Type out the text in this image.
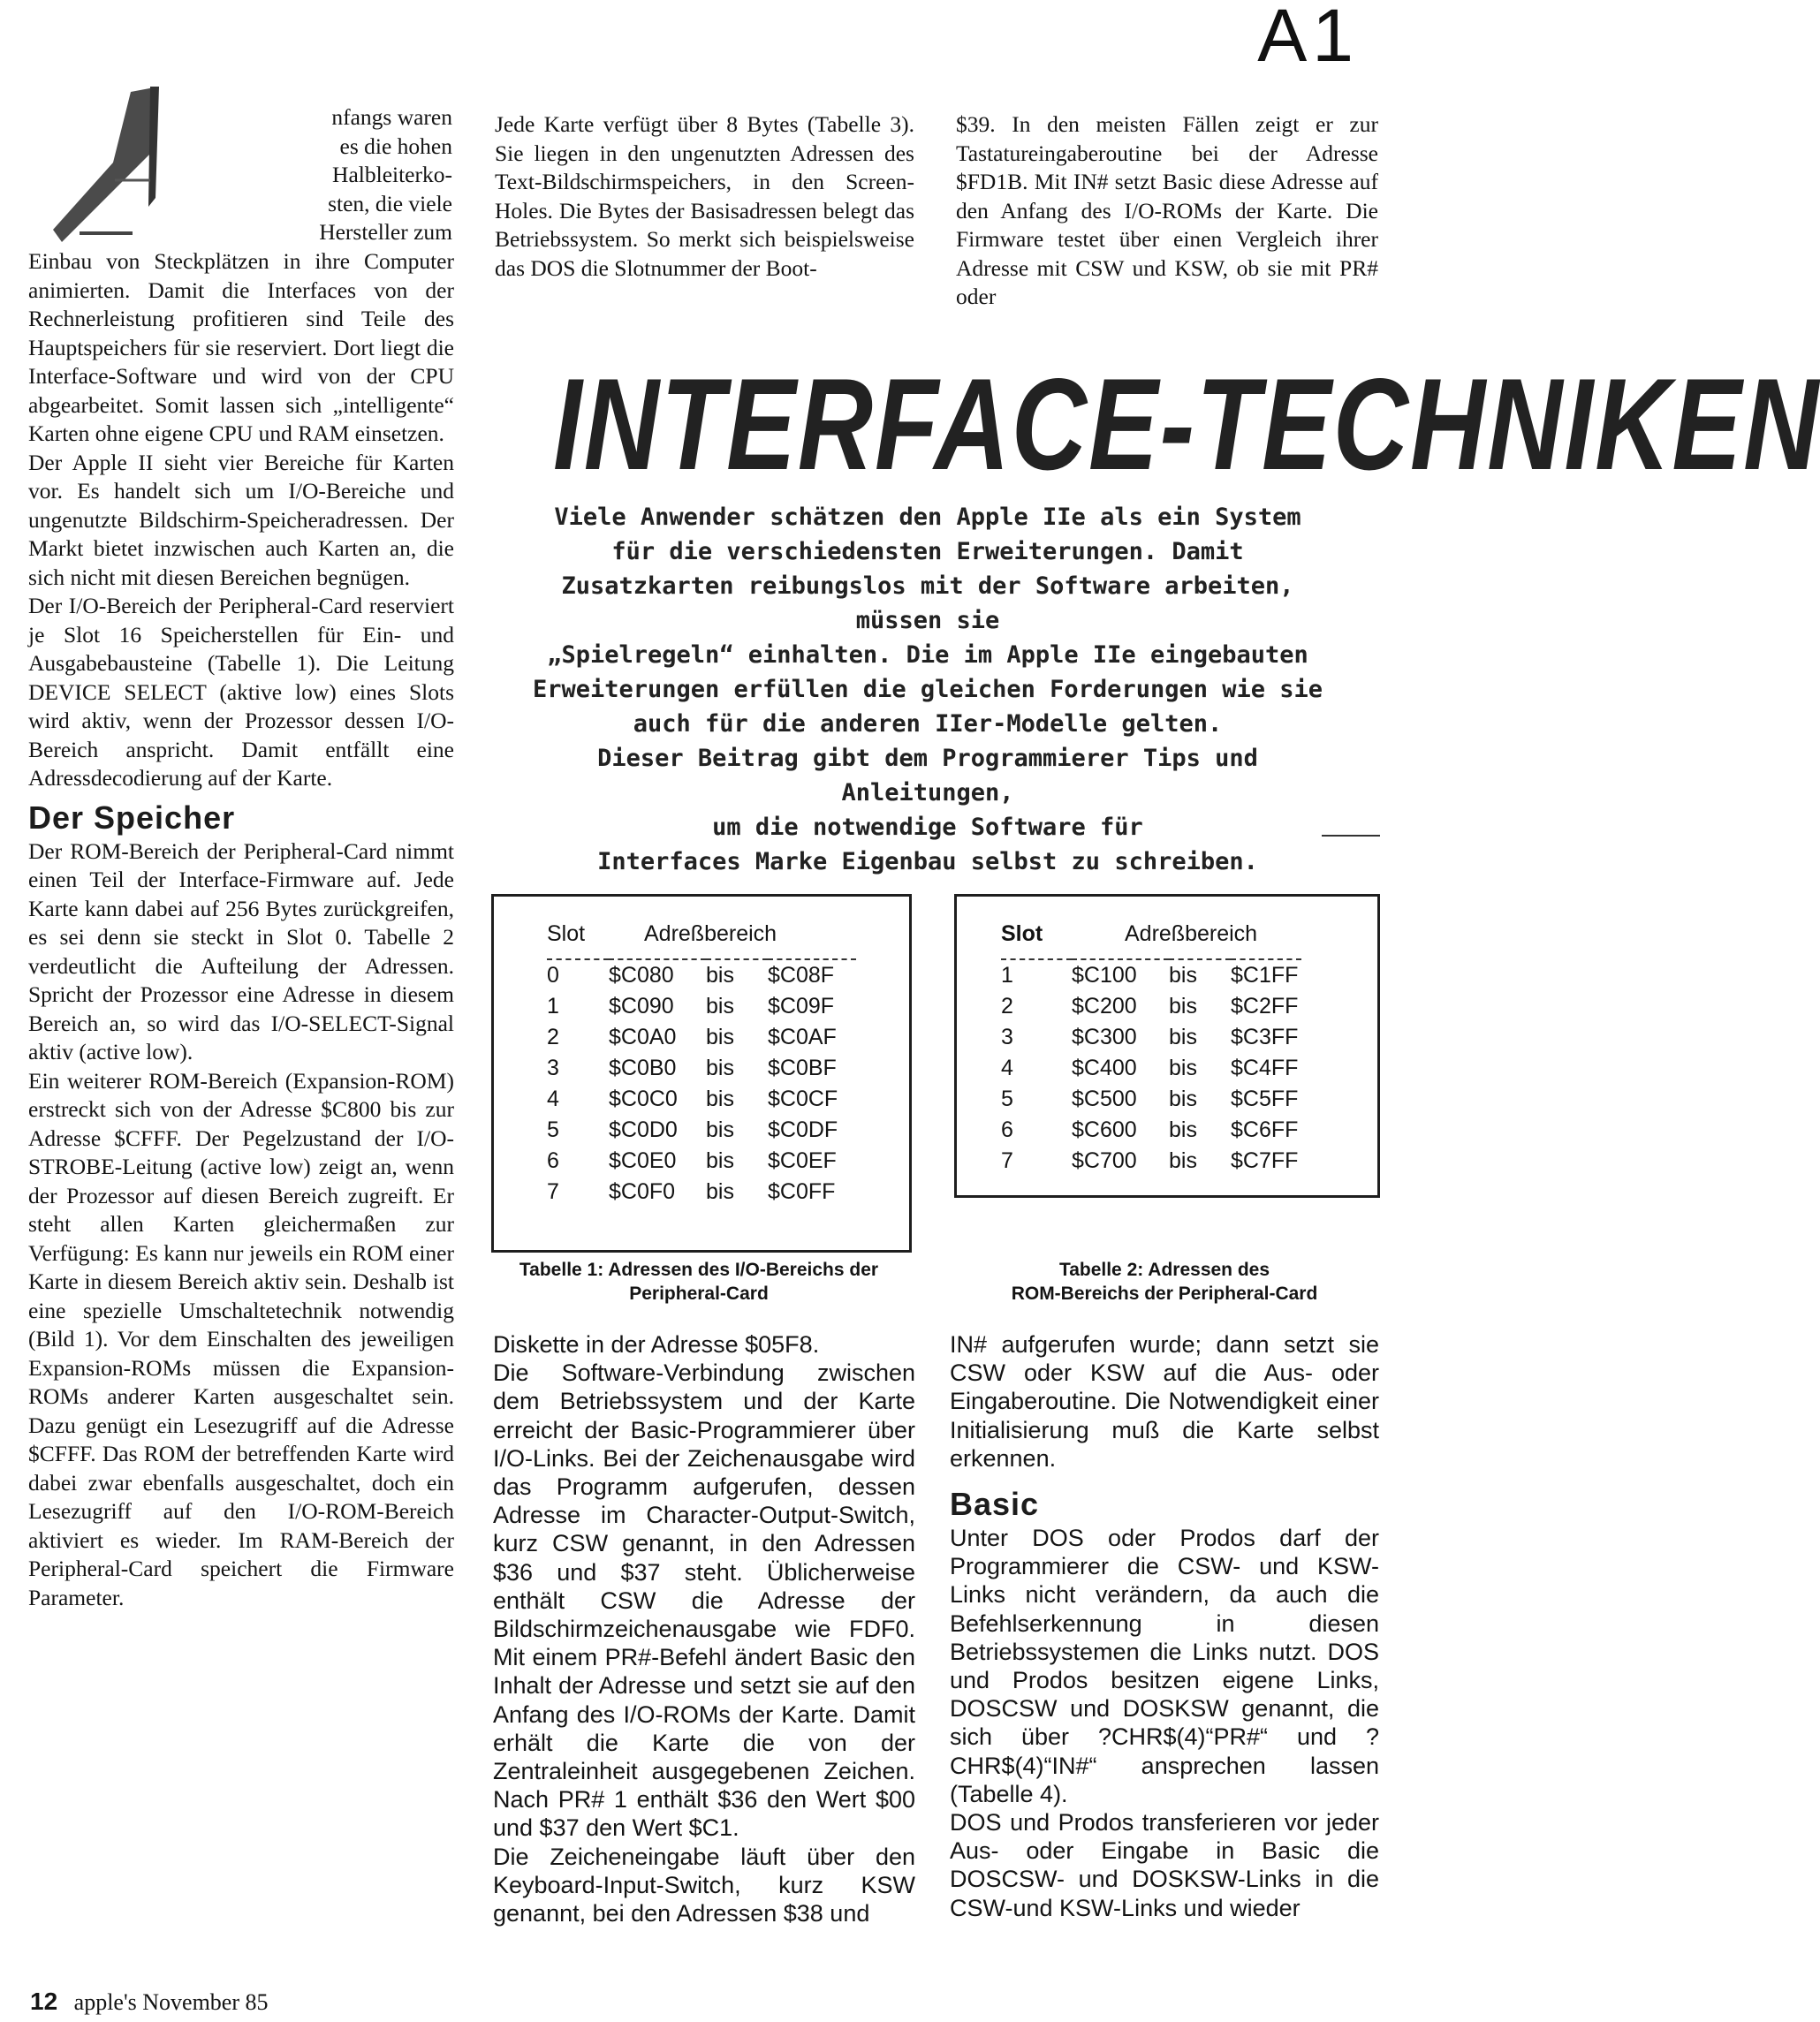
A1
A

nfangs waren

es die hohen

Halbleiterko-

sten, die viele

Hersteller zum

Einbau von Steckplätzen in ihre Computer animierten. Damit die Interfaces von der Rechnerleistung profitieren sind Teile des Hauptspeichers für sie reserviert. Dort liegt die Interface-Software und wird von der CPU abgearbeitet. Somit lassen sich „intelligente“ Karten ohne eigene CPU und RAM einsetzen.

Der Apple II sieht vier Bereiche für Karten vor. Es handelt sich um I/O-Bereiche und ungenutzte Bildschirm-Speicheradressen. Der Markt bietet inzwischen auch Karten an, die sich nicht mit diesen Bereichen begnügen.

Der I/O-Bereich der Peripheral-Card reserviert je Slot 16 Speicherstellen für Ein- und Ausgabebausteine (Tabelle 1). Die Leitung DEVICE SELECT (aktive low) eines Slots wird aktiv, wenn der Prozessor dessen I/O-Bereich anspricht. Damit entfällt eine Adressdecodierung auf der Karte.

Der Speicher

Der ROM-Bereich der Peripheral-Card nimmt einen Teil der Interface-Firmware auf. Jede Karte kann dabei auf 256 Bytes zurückgreifen, es sei denn sie steckt in Slot 0. Tabelle 2 verdeutlicht die Aufteilung der Adressen. Spricht der Prozessor eine Adresse in diesem Bereich an, so wird das I/O-SELECT-Signal aktiv (active low).

Ein weiterer ROM-Bereich (Expansion-ROM) erstreckt sich von der Adresse $C800 bis zur Adresse $CFFF. Der Pegelzustand der I/O-STROBE-Leitung (active low) zeigt an, wenn der Prozessor auf diesen Bereich zugreift. Er steht allen Karten gleichermaßen zur Verfügung: Es kann nur jeweils ein ROM einer Karte in diesem Bereich aktiv sein. Deshalb ist eine spezielle Umschaltetechnik notwendig (Bild 1). Vor dem Einschalten des jeweiligen Expansion-ROMs müssen die Expansion-ROMs anderer Karten ausgeschaltet sein. Dazu genügt ein Lesezugriff auf die Adresse $CFFF. Das ROM der betreffenden Karte wird dabei zwar ebenfalls ausgeschaltet, doch ein Lesezugriff auf den I/O-ROM-Bereich aktiviert es wieder. Im RAM-Bereich der Peripheral-Card speichert die Firmware Parameter.

Jede Karte verfügt über 8 Bytes (Tabelle 3). Sie liegen in den ungenutzten Adressen des Text-Bildschirmspeichers, in den Screen-Holes. Die Bytes der Basisadressen belegt das Betriebssystem. So merkt sich beispielsweise das DOS die Slotnummer der Boot-

$39. In den meisten Fällen zeigt er zur Tastatureingaberoutine bei der Adresse $FD1B. Mit IN# setzt Basic diese Adresse auf den Anfang des I/O-ROMs der Karte. Die Firmware testet über einen Vergleich ihrer Adresse mit CSW und KSW, ob sie mit PR# oder

INTERFACE-TECHNIKEN
Viele Anwender schätzen den Apple IIe als ein System
für die verschiedensten Erweiterungen. Damit
Zusatzkarten reibungslos mit der Software arbeiten, müssen sie
„Spielregeln“ einhalten. Die im Apple IIe eingebauten
Erweiterungen erfüllen die gleichen Forderungen wie sie
auch für die anderen IIer-Modelle gelten.
Dieser Beitrag gibt dem Programmierer Tips und Anleitungen,
um die notwendige Software für
Interfaces Marke Eigenbau selbst zu schreiben.
Slot	Adreßbereich		

0	$C080	bis	$C08F
1	$C090	bis	$C09F
2	$C0A0	bis	$C0AF
3	$C0B0	bis	$C0BF
4	$C0C0	bis	$C0CF
5	$C0D0	bis	$C0DF
6	$C0E0	bis	$C0EF
7	$C0F0	bis	$C0FF
Tabelle 1: Adressen des I/O-Bereichs der
Peripheral-Card
Slot	Adreßbereich		

1	$C100	bis	$C1FF
2	$C200	bis	$C2FF
3	$C300	bis	$C3FF
4	$C400	bis	$C4FF
5	$C500	bis	$C5FF
6	$C600	bis	$C6FF
7	$C700	bis	$C7FF
Tabelle 2: Adressen des
ROM-Bereichs der Peripheral-Card

Diskette in der Adresse $05F8.

Die Software-Verbindung zwischen dem Betriebssystem und der Karte erreicht der Basic-Programmierer über I/O-Links. Bei der Zeichenausgabe wird das Programm aufgerufen, dessen Adresse im Character-Output-Switch, kurz CSW genannt, in den Adressen $36 und $37 steht. Üblicherweise enthält CSW die Adresse der Bildschirmzeichenausgabe wie FDF0. Mit einem PR#-Befehl ändert Basic den Inhalt der Adresse und setzt sie auf den Anfang des I/O-ROMs der Karte. Damit erhält die Karte die von der Zentraleinheit ausgegebenen Zeichen. Nach PR# 1 enthält $36 den Wert $00 und $37 den Wert $C1.

Die Zeicheneingabe läuft über den Keyboard-Input-Switch, kurz KSW genannt, bei den Adressen $38 und

IN# aufgerufen wurde; dann setzt sie CSW oder KSW auf die Aus- oder Eingaberoutine. Die Notwendigkeit einer Initialisierung muß die Karte selbst erkennen.

Basic

Unter DOS oder Prodos darf der Programmierer die CSW- und KSW-Links nicht verändern, da auch die Befehlserkennung in diesen Betriebssystemen die Links nutzt. DOS und Prodos besitzen eigene Links, DOSCSW und DOSKSW genannt, die sich über ?CHR$(4)“PR#“ und ?CHR$(4)“IN#“ ansprechen lassen (Tabelle 4).

DOS und Prodos transferieren vor jeder Aus- oder Eingabe in Basic die DOSCSW- und DOSKSW-Links in die CSW-und KSW-Links und wieder

12 apple's November 85
